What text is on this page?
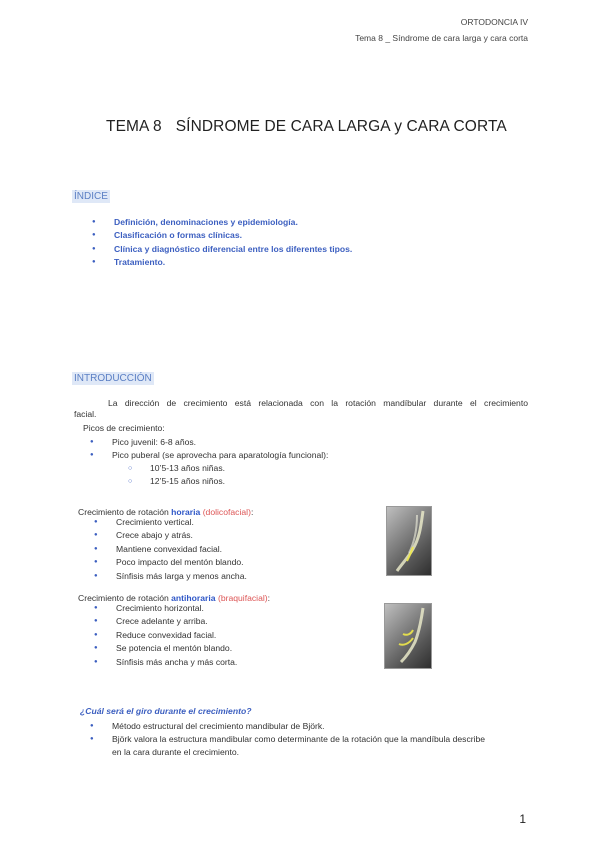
ORTODONCIA IV
Tema 8 _ Síndrome de cara larga y cara corta
TEMA 8 SÍNDROME DE CARA LARGA y CARA CORTA
ÍNDICE
● Definición, denominaciones y epidemiología.
● Clasificación o formas clínicas.
● Clínica y diagnóstico diferencial entre los diferentes tipos.
● Tratamiento.
INTRODUCCIÓN
La dirección de crecimiento está relacionada con la rotación mandíbular durante el crecimiento
facial.
Picos de crecimiento:
● Pico juvenil: 6-8 años.
● Pico puberal (se aprovecha para aparatología funcional):
○ 10’5-13 años niñas.
○ 12’5-15 años niños.
Crecimiento de rotación horaria (dolicofacial):
● Crecimiento vertical.
● Crece abajo y atrás.
● Mantiene convexidad facial.
● Poco impacto del mentón blando.
● Sínfisis más larga y menos ancha.
Crecimiento de rotación antihoraria (braquifacial):
● Crecimiento horizontal.
● Crece adelante y arriba.
● Reduce convexidad facial.
● Se potencia el mentón blando.
● Sínfisis más ancha y más corta.
¿Cuál será el giro durante el crecimiento?
● Método estructural del crecimiento mandibular de Björk.
● Björk valora la estructura mandibular como determinante de la rotación que la mandíbula describe
en la cara durante el crecimiento.
1
